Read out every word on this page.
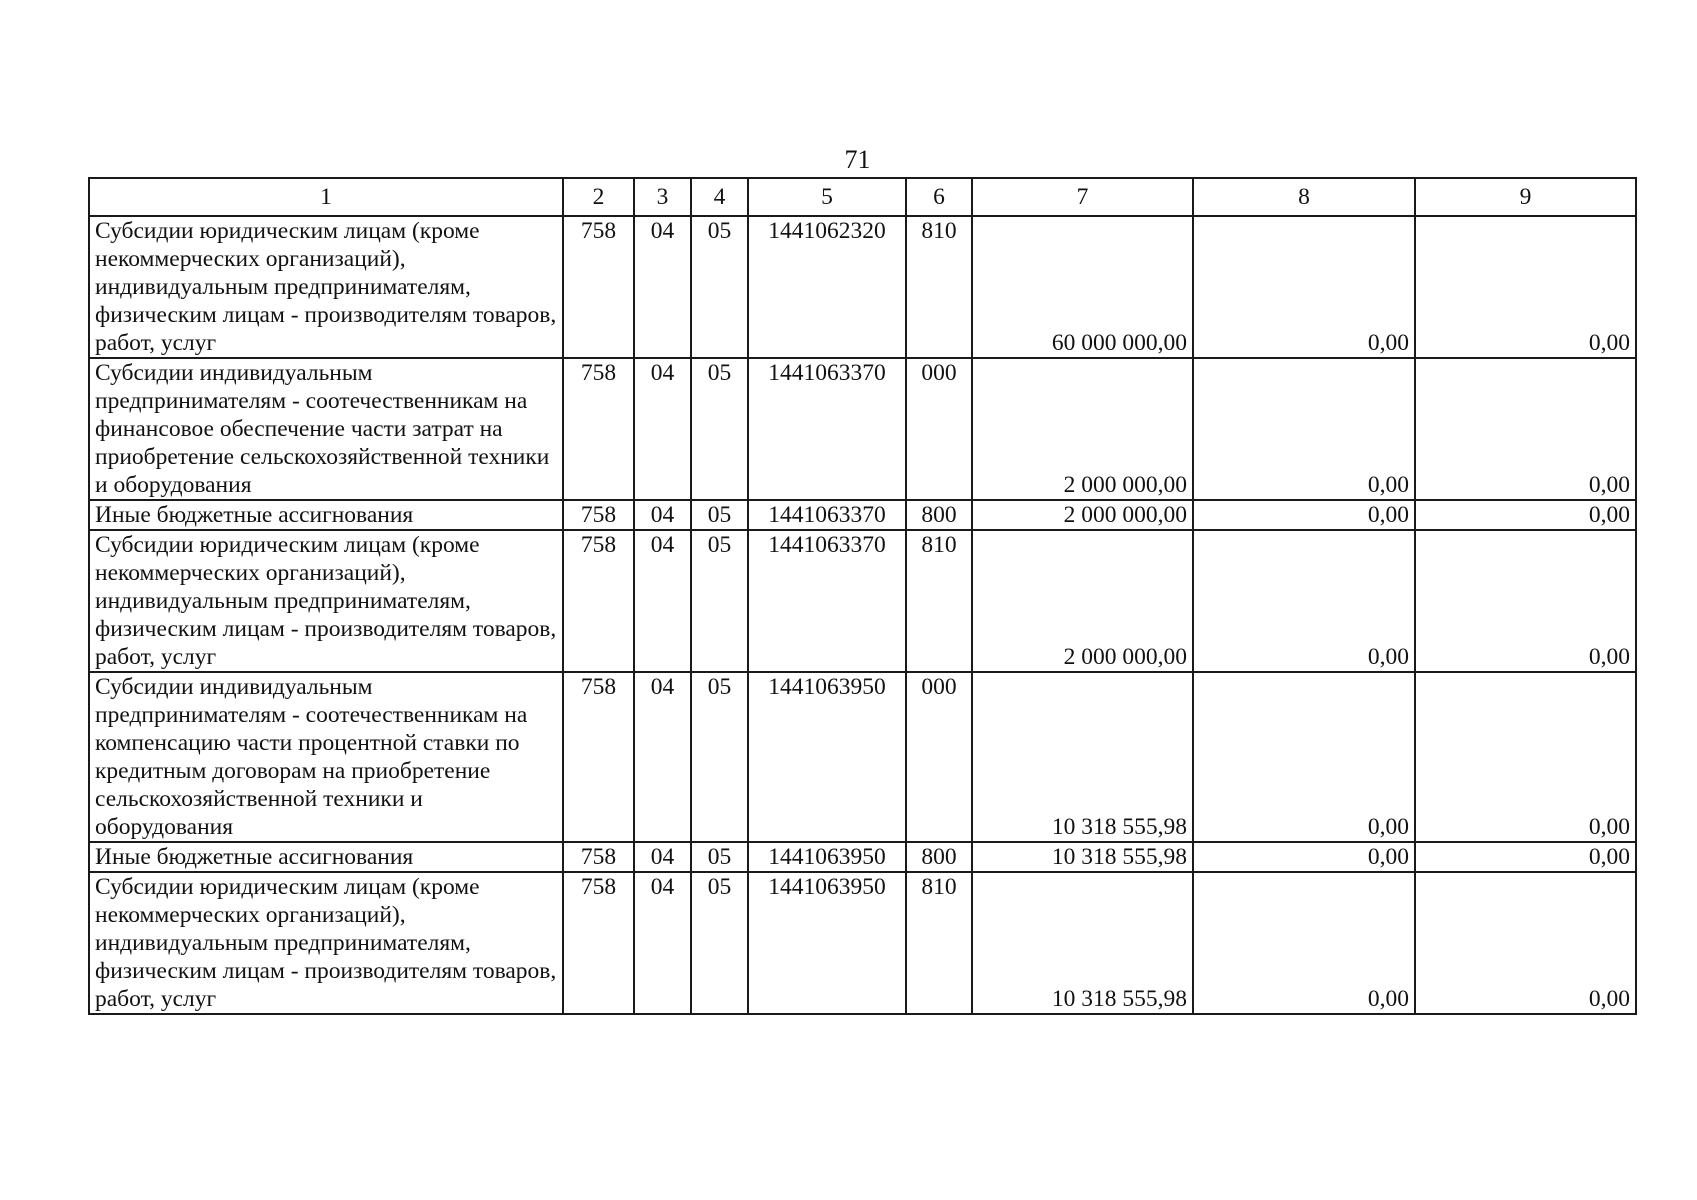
71
1	2	3	4	5	6	7	8	9
Субсидии юридическим лицам (кроме некоммерческих организаций), индивидуальным предпринимателям, физическим лицам - производителям товаров, работ, услуг	758	04	05	1441062320	810	60 000 000,00	0,00	0,00
Субсидии индивидуальным предпринимателям - соотечественникам на финансовое обеспечение части затрат на приобретение сельскохозяйственной техники и оборудования	758	04	05	1441063370	000	2 000 000,00	0,00	0,00
Иные бюджетные ассигнования	758	04	05	1441063370	800	2 000 000,00	0,00	0,00
Субсидии юридическим лицам (кроме некоммерческих организаций), индивидуальным предпринимателям, физическим лицам - производителям товаров, работ, услуг	758	04	05	1441063370	810	2 000 000,00	0,00	0,00
Субсидии индивидуальным предпринимателям - соотечественникам на компенсацию части процентной ставки по кредитным договорам на приобретение сельскохозяйственной техники и оборудования	758	04	05	1441063950	000	10 318 555,98	0,00	0,00
Иные бюджетные ассигнования	758	04	05	1441063950	800	10 318 555,98	0,00	0,00
Субсидии юридическим лицам (кроме некоммерческих организаций), индивидуальным предпринимателям, физическим лицам - производителям товаров, работ, услуг	758	04	05	1441063950	810	10 318 555,98	0,00	0,00
